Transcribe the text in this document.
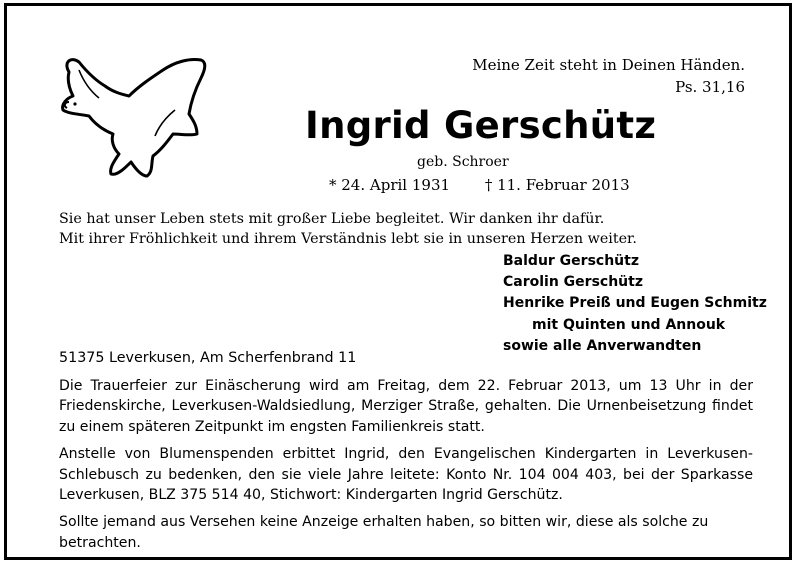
Meine Zeit steht in Deinen Händen.
Ps. 31,16
Ingrid Gerschütz
geb. Schroer
* 24. April 1931 † 11. Februar 2013
Sie hat unser Leben stets mit großer Liebe begleitet. Wir danken ihr dafür.
Mit ihrer Fröhlichkeit und ihrem Verständnis lebt sie in unseren Herzen weiter.
Baldur Gerschütz
Carolin Gerschütz
Henrike Preiß und Eugen Schmitz
mit Quinten und Annouk
sowie alle Anverwandten
51375 Leverkusen, Am Scherfenbrand 11

Die Trauerfeier zur Einäscherung wird am Freitag, dem 22. Februar 2013, um 13 Uhr in der Friedenskirche, Leverkusen-Waldsiedlung, Merziger Straße, gehalten. Die Urnenbeisetzung findet zu einem späteren Zeitpunkt im engsten Familienkreis statt.

Anstelle von Blumenspenden erbittet Ingrid, den Evangelischen Kindergarten in Leverkusen-Schlebusch zu bedenken, den sie viele Jahre leitete: Konto Nr. 104 004 403, bei der Sparkasse Leverkusen, BLZ 375 514 40, Stichwort: Kindergarten Ingrid Gerschütz.

Sollte jemand aus Versehen keine Anzeige erhalten haben, so bitten wir, diese als solche zu betrachten.
